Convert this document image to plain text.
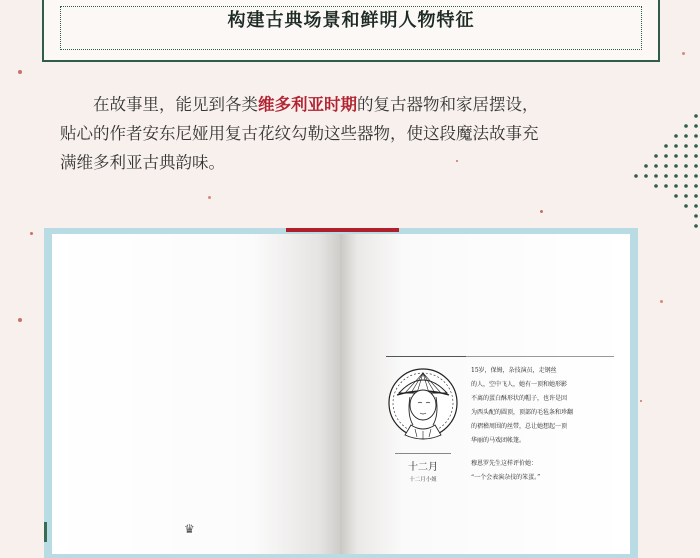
构建古典场景和鲜明人物特征
　　在故事里，能见到各类维多利亚时期的复古器物和家居摆设，
贴心的作者安东尼娅用复古花纹勾勒这些器物，使这段魔法故事充
满维多利亚古典韵味。
♛
十二月
十二月小姐
15岁，保姆，杂技演员，走钢丝
的人，空中飞人，她有一顶和她形影
不离的蛋白酥形状的帽子，也许是因
为西头配的圆顶，顶部的毛毡条和珍翻
的褶稽周围的丝带，总让她想起一顶
华丽的马戏团帐篷。
穆恩罗先生这样评价她：
“一个会表演杂技的笨蛋。”
